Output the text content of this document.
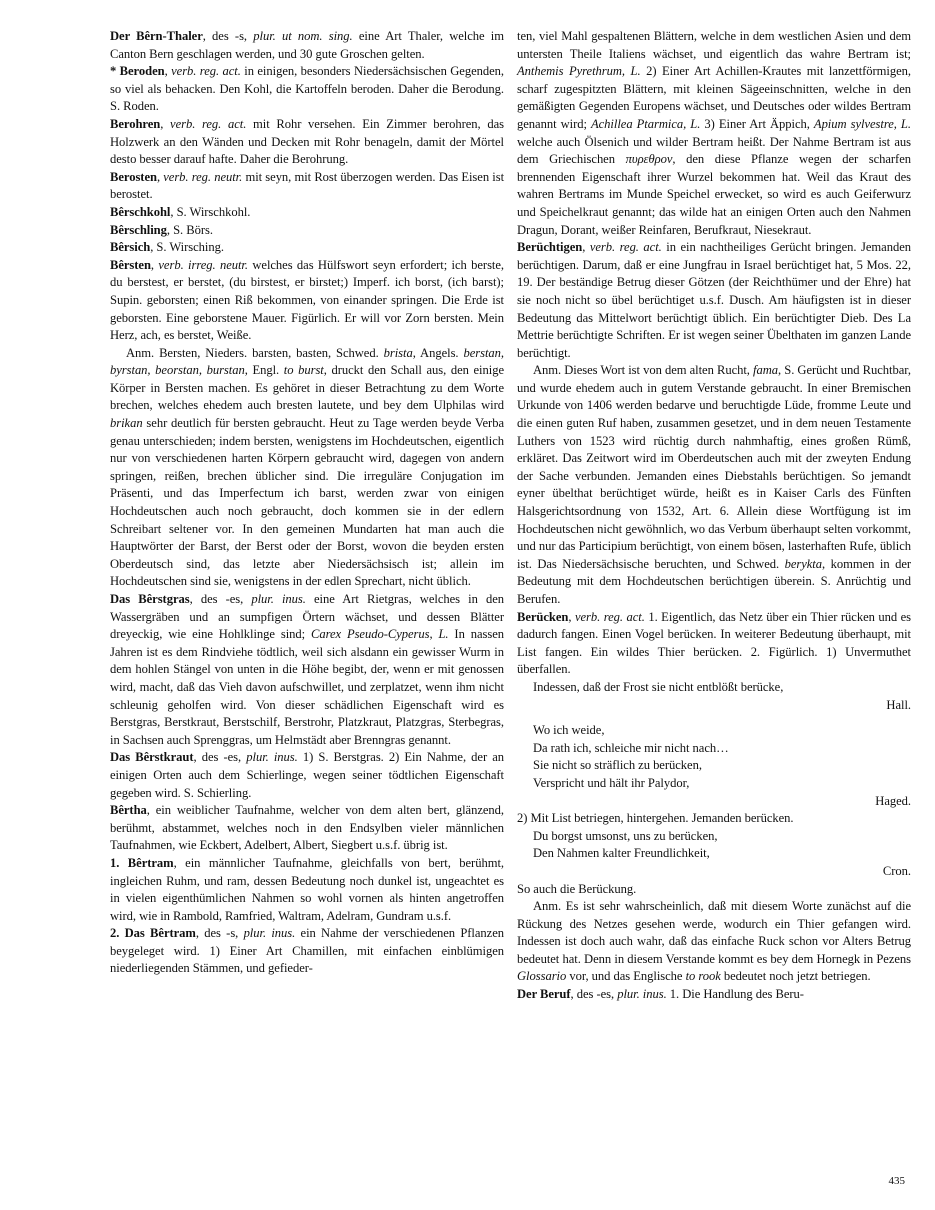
Der Bêrn-Thaler, des -s, plur. ut nom. sing. eine Art Thaler, welche im Canton Bern geschlagen werden, und 30 gute Groschen gelten.

* Beroden, verb. reg. act. in einigen, besonders Niedersächsischen Gegenden, so viel als behacken. Den Kohl, die Kartoffeln beroden. Daher die Berodung. S. Roden.

Berohren, verb. reg. act. mit Rohr versehen. Ein Zimmer berohren, das Holzwerk an den Wänden und Decken mit Rohr benageln, damit der Mörtel desto besser darauf hafte. Daher die Berohrung.

Berosten, verb. reg. neutr. mit seyn, mit Rost überzogen werden. Das Eisen ist berostet.

Bêrschkohl, S. Wirschkohl.

Bêrschling, S. Börs.

Bêrsich, S. Wirsching.

Bêrsten, verb. irreg. neutr. welches das Hülfswort seyn erfordert; ich berste, du berstest, er berstet, (du birstest, er birstet;) Imperf. ich borst, (ich barst); Supin. geborsten; einen Riß bekommen, von einander springen. Die Erde ist geborsten. Eine geborstene Mauer. Figürlich. Er will vor Zorn bersten. Mein Herz, ach, es berstet, Weiße.

Anm. Bersten, Nieders. barsten, basten, Schwed. brista, Angels. berstan, byrstan, beorstan, burstan, Engl. to burst, druckt den Schall aus, den einige Körper in Bersten machen. Es gehöret in dieser Betrachtung zu dem Worte brechen, welches ehedem auch bresten lautete, und bey dem Ulphilas wird brikan sehr deutlich für bersten gebraucht. Heut zu Tage werden beyde Verba genau unterschieden; indem bersten, wenigstens im Hochdeutschen, eigentlich nur von verschiedenen harten Körpern gebraucht wird, dagegen von andern springen, reißen, brechen üblicher sind. Die irreguläre Conjugation im Präsenti, und das Imperfectum ich barst, werden zwar von einigen Hochdeutschen auch noch gebraucht, doch kommen sie in der edlern Schreibart seltener vor. In den gemeinen Mundarten hat man auch die Hauptwörter der Barst, der Berst oder der Borst, wovon die beyden ersten Oberdeutsch sind, das letzte aber Niedersächsisch ist; allein im Hochdeutschen sind sie, wenigstens in der edlen Sprechart, nicht üblich.

Das Bêrstgras, des -es, plur. inus. eine Art Rietgras, welches in den Wassergräben und an sumpfigen Örtern wächset, und dessen Blätter dreyeckig, wie eine Hohlklinge sind; Carex Pseudo-Cyperus, L. In nassen Jahren ist es dem Rindviehe tödtlich, weil sich alsdann ein gewisser Wurm in dem hohlen Stängel von unten in die Höhe begibt, der, wenn er mit genossen wird, macht, daß das Vieh davon aufschwillet, und zerplatzet, wenn ihm nicht schleunig geholfen wird. Von dieser schädlichen Eigenschaft wird es Berstgras, Berstkraut, Berstschilf, Berstrohr, Platzkraut, Platzgras, Sterbegras, in Sachsen auch Sprenggras, um Helmstädt aber Brenngras genannt.

Das Bêrstkraut, des -es, plur. inus. 1) S. Berstgras. 2) Ein Nahme, der an einigen Orten auch dem Schierlinge, wegen seiner tödtlichen Eigenschaft gegeben wird. S. Schierling.

Bêrtha, ein weiblicher Taufnahme, welcher von dem alten bert, glänzend, berühmt, abstammet, welches noch in den Endsylben vieler männlichen Taufnahmen, wie Eckbert, Adelbert, Albert, Siegbert u.s.f. übrig ist.

1. Bêrtram, ein männlicher Taufnahme, gleichfalls von bert, berühmt, ingleichen Ruhm, und ram, dessen Bedeutung noch dunkel ist, ungeachtet es in vielen eigenthümlichen Nahmen so wohl vornen als hinten angetroffen wird, wie in Rambold, Ramfried, Waltram, Adelram, Gundram u.s.f.

2. Das Bêrtram, des -s, plur. inus. ein Nahme der verschiedenen Pflanzen beygeleget wird. 1) Einer Art Chamillen, mit einfachen einblümigen niederliegenden Stämmen, und gefieder-

ten, viel Mahl gespaltenen Blättern, welche in dem westlichen Asien und dem untersten Theile Italiens wächset, und eigentlich das wahre Bertram ist; Anthemis Pyrethrum, L. 2) Einer Art Achillen-Krautes mit lanzettförmigen, scharf zugespitzten Blättern, mit kleinen Sägeeinschnitten, welche in den gemäßigten Gegenden Europens wächset, und Deutsches oder wildes Bertram genannt wird; Achillea Ptarmica, L. 3) Einer Art Äppich, Apium sylvestre, L. welche auch Ölsenich und wilder Bertram heißt. Der Nahme Bertram ist aus dem Griechischen πυρεθρον, den diese Pflanze wegen der scharfen brennenden Eigenschaft ihrer Wurzel bekommen hat. Weil das Kraut des wahren Bertrams im Munde Speichel erwecket, so wird es auch Geiferwurz und Speichelkraut genannt; das wilde hat an einigen Orten auch den Nahmen Dragun, Dorant, weißer Reinfaren, Berufkraut, Niesekraut.

Berüchtigen, verb. reg. act. in ein nachtheiliges Gerücht bringen. Jemanden berüchtigen. Darum, daß er eine Jungfrau in Israel berüchtiget hat, 5 Mos. 22, 19. Der beständige Betrug dieser Götzen (der Reichthümer und der Ehre) hat sie noch nicht so übel berüchtiget u.s.f. Dusch. Am häufigsten ist in dieser Bedeutung das Mittelwort berüchtigt üblich. Ein berüchtigter Dieb. Des La Mettrie berüchtigte Schriften. Er ist wegen seiner Übelthaten im ganzen Lande berüchtigt.

Anm. Dieses Wort ist von dem alten Rucht, fama, S. Gerücht und Ruchtbar, und wurde ehedem auch in gutem Verstande gebraucht. In einer Bremischen Urkunde von 1406 werden bedarve und beruchtigde Lüde, fromme Leute und die einen guten Ruf haben, zusammen gesetzet, und in dem neuen Testamente Luthers von 1523 wird rüchtig durch nahmhaftig, eines großen Rümß, erkläret. Das Zeitwort wird im Oberdeutschen auch mit der zweyten Endung der Sache verbunden. Jemanden eines Diebstahls berüchtigen. So jemandt eyner übelthat berüchtiget würde, heißt es in Kaiser Carls des Fünften Halsgerichtsordnung von 1532, Art. 6. Allein diese Wortfügung ist im Hochdeutschen nicht gewöhnlich, wo das Verbum überhaupt selten vorkommt, und nur das Participium berüchtigt, von einem bösen, lasterhaften Rufe, üblich ist. Das Niedersächsische beruchten, und Schwed. berykta, kommen in der Bedeutung mit dem Hochdeutschen berüchtigen überein. S. Anrüchtig und Berufen.

Berücken, verb. reg. act. 1. Eigentlich, das Netz über ein Thier rücken und es dadurch fangen. Einen Vogel berücken. In weiterer Bedeutung überhaupt, mit List fangen. Ein wildes Thier berücken. 2. Figürlich. 1) Unvermuthet überfallen.

Indessen, daß der Frost sie nicht entblößt berücke,

Hall.

Wo ich weide,

Da rath ich, schleiche mir nicht nach…

Sie nicht so sträflich zu berücken,

Verspricht und hält ihr Palydor,

Haged.

2) Mit List betriegen, hintergehen. Jemanden berücken.

Du borgst umsonst, uns zu berücken,

Den Nahmen kalter Freundlichkeit,

Cron.

So auch die Berückung.

Anm. Es ist sehr wahrscheinlich, daß mit diesem Worte zunächst auf die Rückung des Netzes gesehen werde, wodurch ein Thier gefangen wird. Indessen ist doch auch wahr, daß das einfache Ruck schon vor Alters Betrug bedeutet hat. Denn in diesem Verstande kommt es bey dem Hornegk in Pezens Glossario vor, und das Englische to rook bedeutet noch jetzt betriegen.

Der Beruf, des -es, plur. inus. 1. Die Handlung des Beru-

435
